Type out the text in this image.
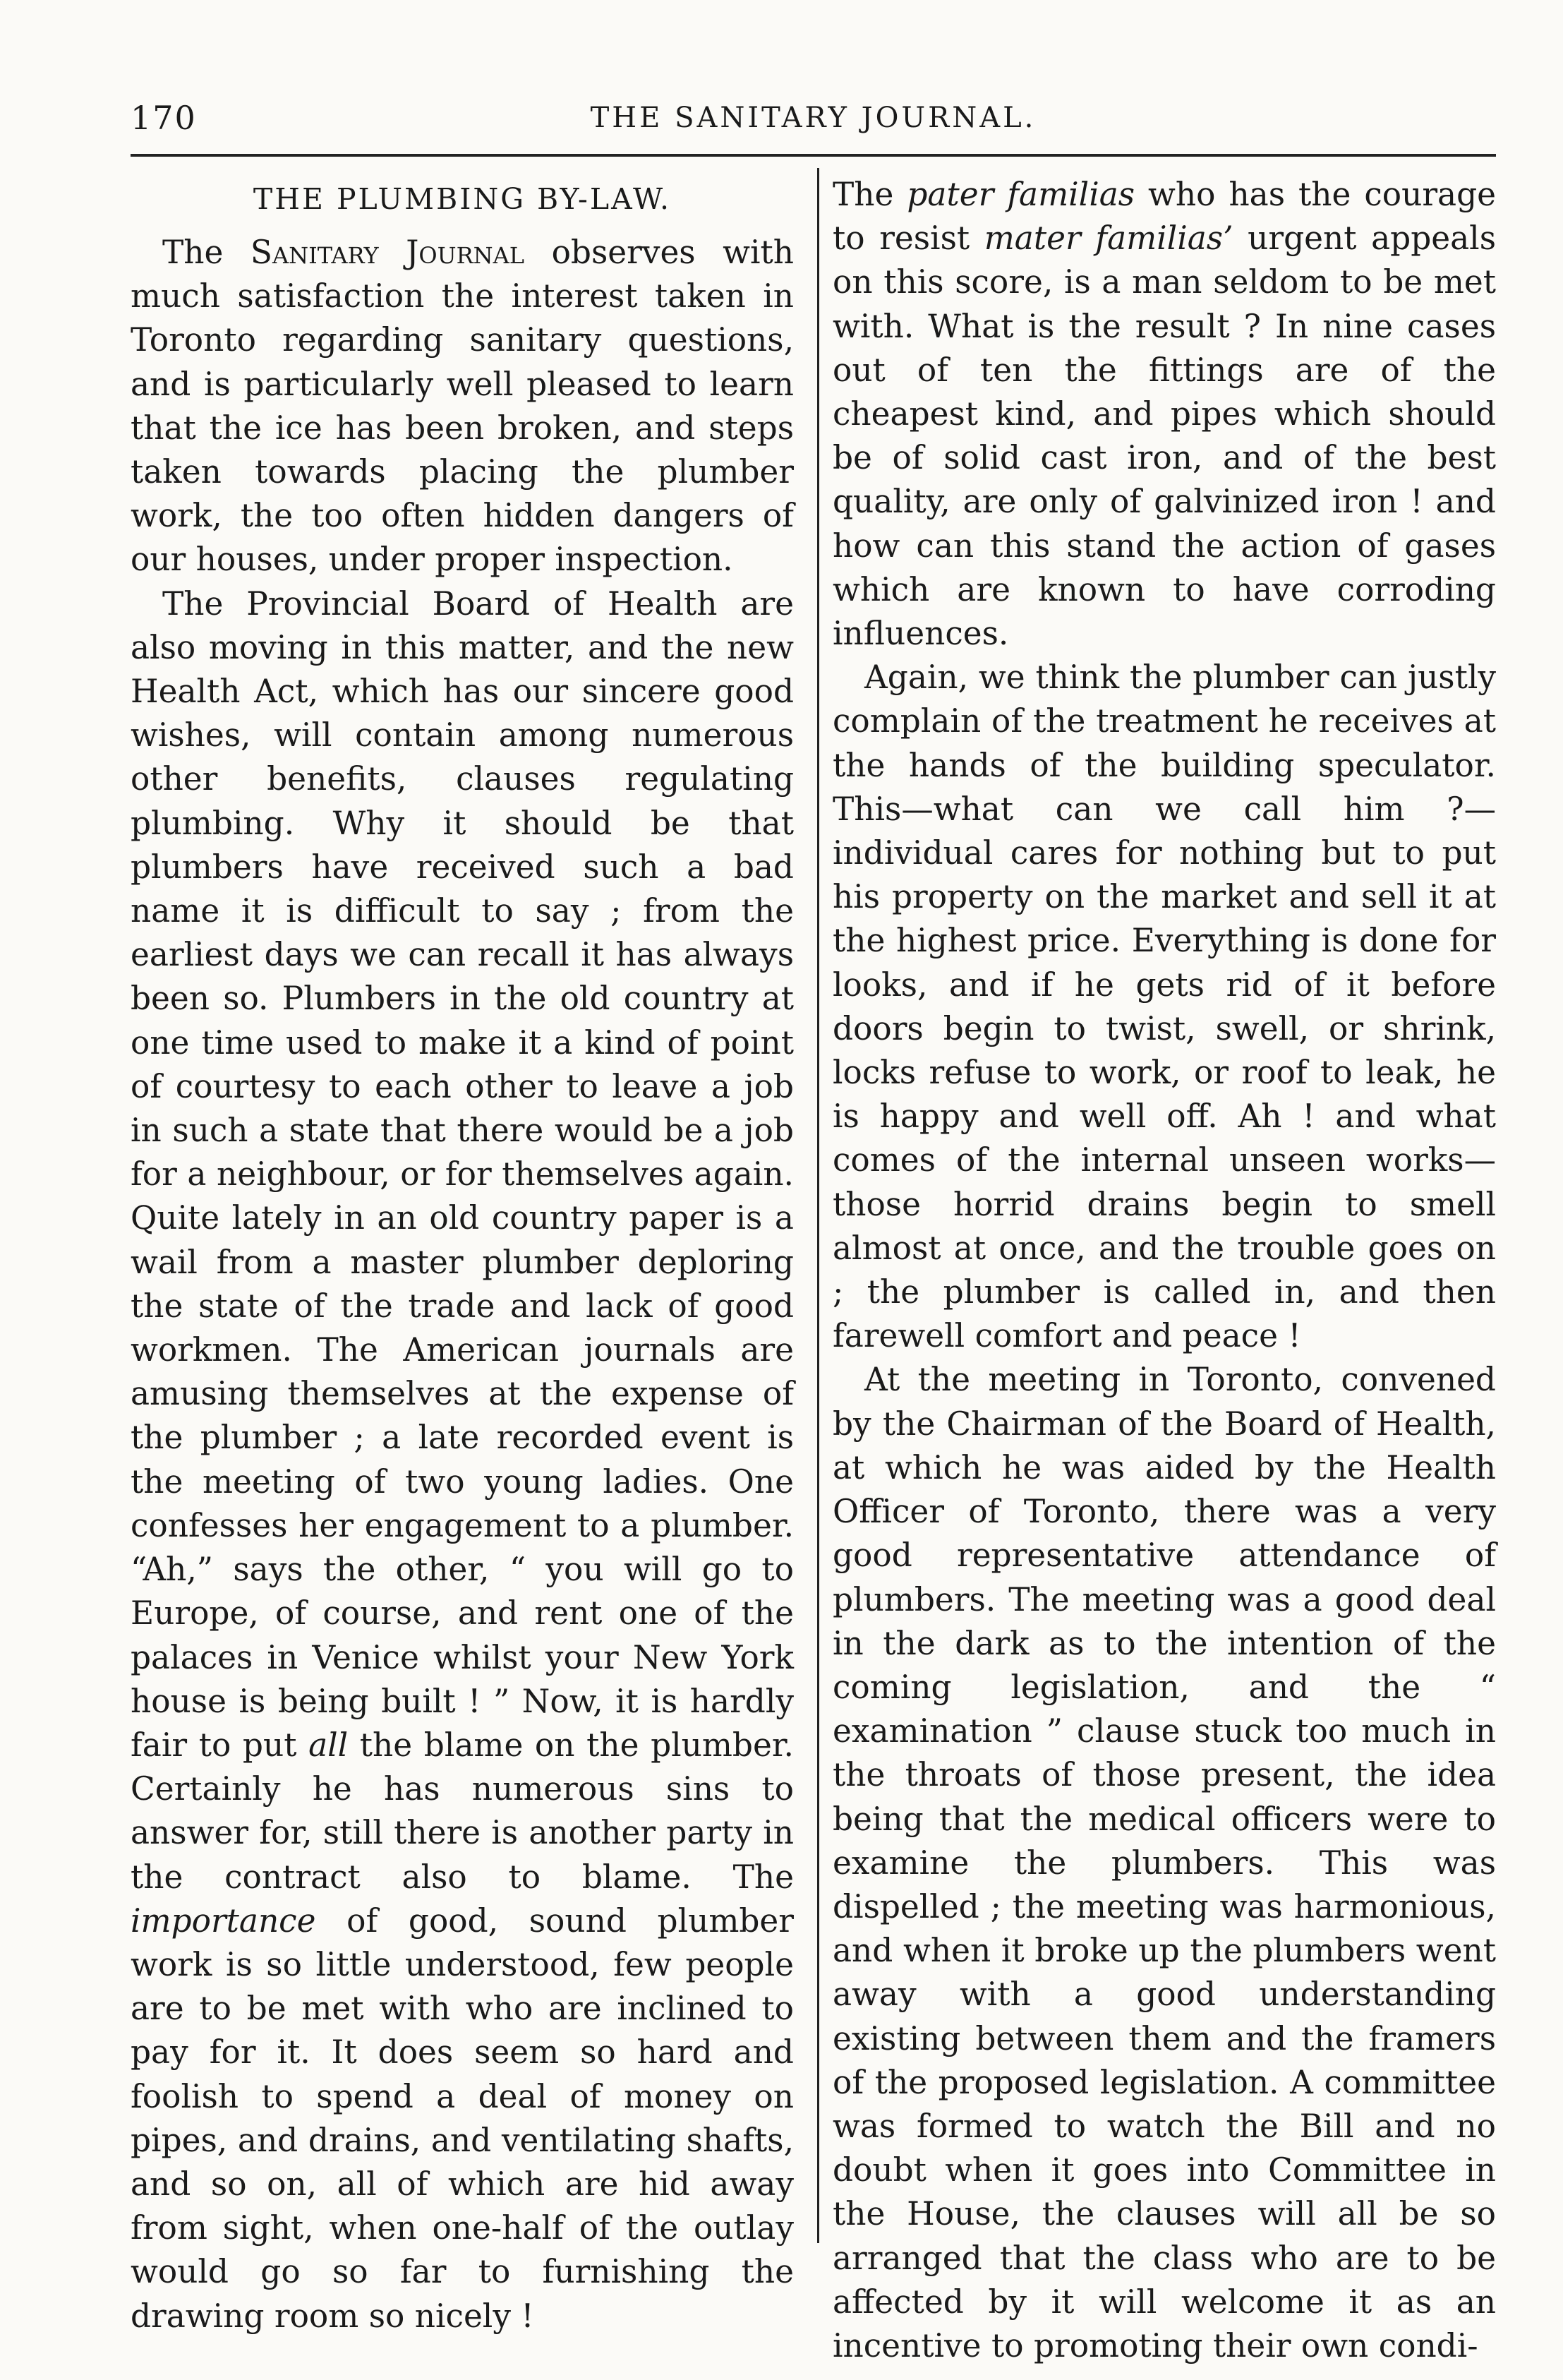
170	THE SANITARY JOURNAL.
THE PLUMBING BY-LAW.

The Sanitary Journal observes with much satisfaction the interest taken in Toronto regarding sanitary questions, and is particularly well pleased to learn that the ice has been broken, and steps taken towards placing the plumber work, the too often hidden dangers of our houses, under proper inspection.

The Provincial Board of Health are also moving in this matter, and the new Health Act, which has our sincere good wishes, will contain among numerous other benefits, clauses regulating plumbing. Why it should be that plumbers have received such a bad name it is difficult to say ; from the earliest days we can recall it has always been so. Plumbers in the old country at one time used to make it a kind of point of courtesy to each other to leave a job in such a state that there would be a job for a neighbour, or for themselves again. Quite lately in an old country paper is a wail from a master plumber deploring the state of the trade and lack of good workmen. The American journals are amusing themselves at the expense of the plumber ; a late recorded event is the meeting of two young ladies. One confesses her engagement to a plumber. “Ah,” says the other, “ you will go to Europe, of course, and rent one of the palaces in Venice whilst your New York house is being built ! ” Now, it is hardly fair to put all the blame on the plumber. Certainly he has numerous sins to answer for, still there is another party in the contract also to blame. The importance of good, sound plumber work is so little understood, few people are to be met with who are inclined to pay for it. It does seem so hard and foolish to spend a deal of money on pipes, and drains, and ventilating shafts, and so on, all of which are hid away from sight, when one-half of the outlay would go so far to furnishing the drawing room so nicely !

The pater familias who has the courage to resist mater familias’ urgent appeals on this score, is a man seldom to be met with. What is the result ? In nine cases out of ten the fittings are of the cheapest kind, and pipes which should be of solid cast iron, and of the best quality, are only of galvinized iron ! and how can this stand the action of gases which are known to have corroding influences.

Again, we think the plumber can justly complain of the treatment he receives at the hands of the building speculator. This—what can we call him ?—individual cares for nothing but to put his property on the market and sell it at the highest price. Everything is done for looks, and if he gets rid of it before doors begin to twist, swell, or shrink, locks refuse to work, or roof to leak, he is happy and well off. Ah ! and what comes of the internal unseen works—those horrid drains begin to smell almost at once, and the trouble goes on ; the plumber is called in, and then farewell comfort and peace !

At the meeting in Toronto, convened by the Chairman of the Board of Health, at which he was aided by the Health Officer of Toronto, there was a very good representative attendance of plumbers. The meeting was a good deal in the dark as to the intention of the coming legislation, and the “ examination ” clause stuck too much in the throats of those present, the idea being that the medical officers were to examine the plumbers. This was dispelled ; the meeting was harmonious, and when it broke up the plumbers went away with a good understanding existing between them and the framers of the proposed legislation. A committee was formed to watch the Bill and no doubt when it goes into Committee in the House, the clauses will all be so arranged that the class who are to be affected by it will welcome it as an incentive to promoting their own condi-
